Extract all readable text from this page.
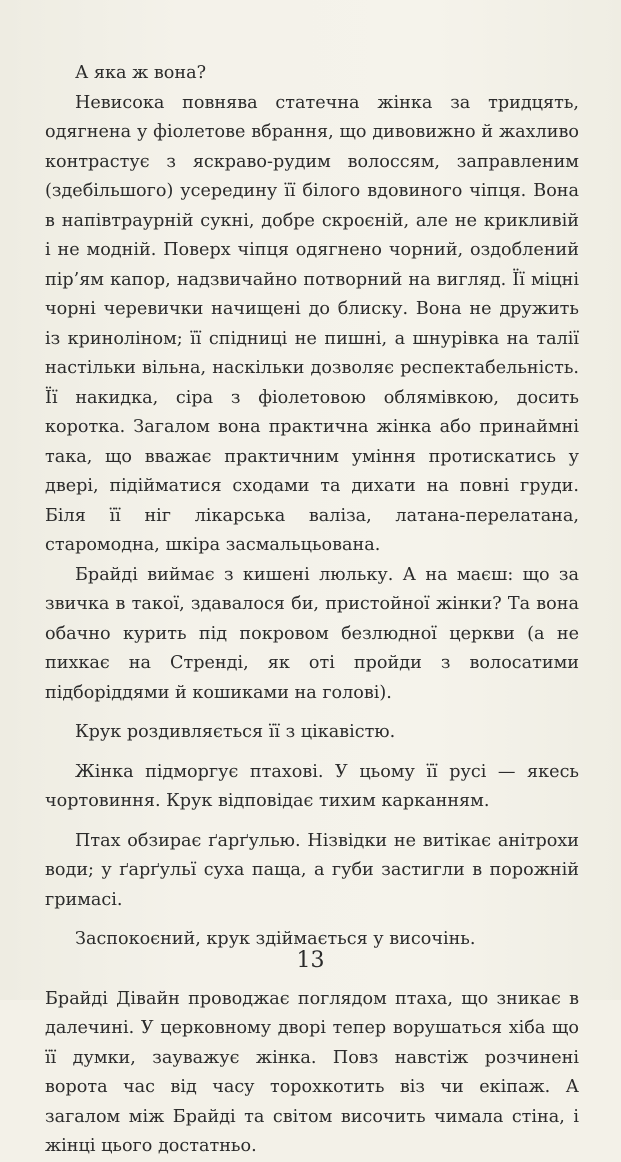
А яка ж вона?

Невисока повнява статечна жінка за тридцять, одягнена у фіолетове вбрання, що дивовижно й жахливо контрастує з яскраво-рудим волоссям, заправленим (здебільшого) усередину її білого вдовиного чіпця. Вона в напівтраурній сукні, добре скроєній, але не крикливій і не модній. Поверх чіпця одягнено чорний, оздоблений пір’ям капор, надзвичайно потворний на вигляд. Її міцні чорні черевички начищені до блиску. Вона не дружить із криноліном; її спідниці не пишні, а шнурівка на талії настільки вільна, наскільки дозволяє респектабельність. Її накидка, сіра з фіолетовою облямівкою, досить коротка. Загалом вона практична жінка або принаймні така, що вважає практичним уміння протискатись у двері, підійматися сходами та дихати на повні груди. Біля її ніг лікарська валіза, латана-перелатана, старомодна, шкіра засмальцьована.

Брайді виймає з кишені люльку. А на маєш: що за звичка в такої, здавалося би, пристойної жінки? Та вона обачно курить під покровом безлюдної церкви (а не пихкає на Стренді, як оті пройди з волосатими підборіддями й кошиками на голові).

Крук роздивляється її з цікавістю.

Жінка підморгує птахові. У цьому її русі — якесь чортовиння. Крук відповідає тихим карканням.

Птах обзирає ґарґулью. Нізвідки не витікає анітрохи води; у ґарґульї суха паща, а губи застигли в порожній гримасі.

Заспокоєний, крук здіймається у височінь.

Брайді Дівайн проводжає поглядом птаха, що зникає в далечині. У церковному дворі тепер ворушаться хіба що її думки, зауважує жінка. Повз навстіж розчинені ворота час від часу торохкотить віз чи екіпаж. А загалом між Брайді та світом височить чимала стіна, і жінці цього достатньо.

13
